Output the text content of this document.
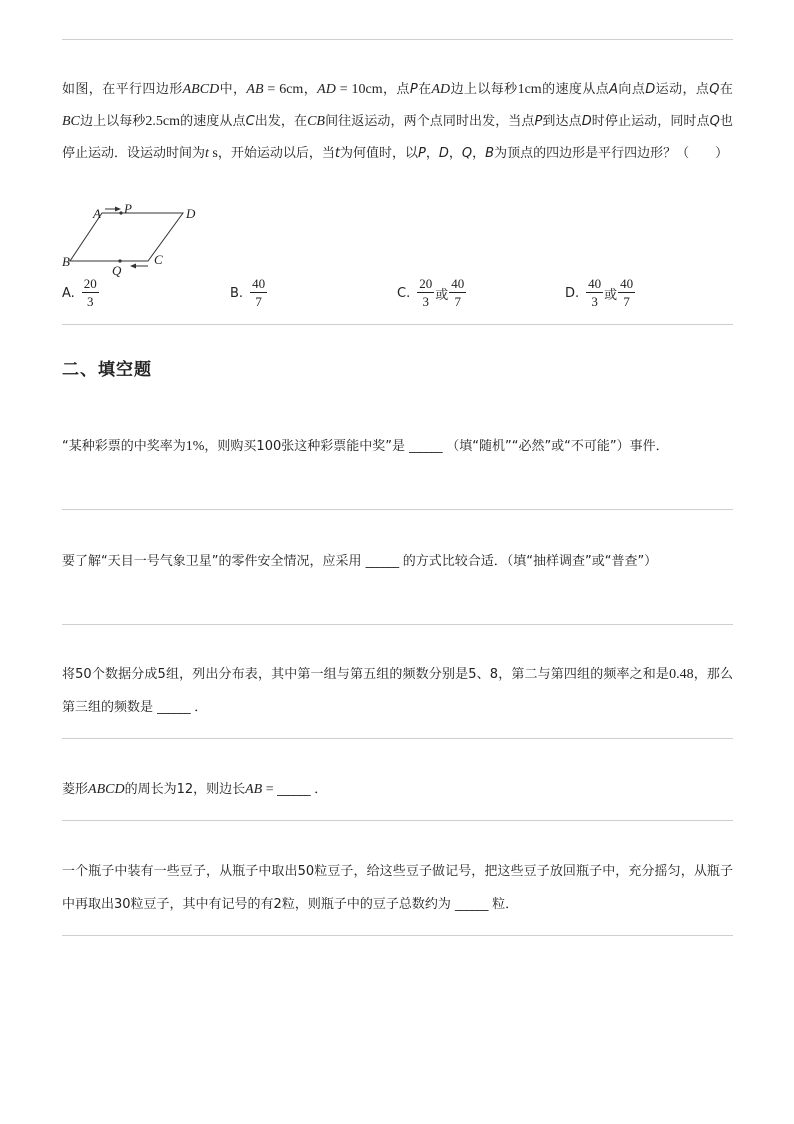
如图，在平行四边形ABCD中，AB = 6cm，AD = 10cm，点P在AD边上以每秒1cm的速度从点A向点D运动，点Q在BC边上以每秒2.5cm的速度从点C出发，在CB间往返运动，两个点同时出发，当点P到达点D时停止运动，同时点Q也停止运动．设运动时间为t s，开始运动以后，当t为何值时，以P，D，Q，B为顶点的四边形是平行四边形？（　　）
A P	D
B	C
Q
A. $\frac{20}{3}$	B. $\frac{40}{7}$	C. $\frac{20}{3}$ 或 $\frac{40}{7}$	D. $\frac{40}{3}$ 或 $\frac{40}{7}$
二、填空题
“某种彩票的中奖率为1%，则购买100张这种彩票能中奖”是 ______ （填“随机”“必然”或“不可能”）事件．
要了解“天目一号气象卫星”的零件安全情况，应采用 ______ 的方式比较合适．（填“抽样调查”或“普查”）
将50个数据分成5组，列出分布表，其中第一组与第五组的频数分别是5、8，第二与第四组的频率之和是0.48，那么第三组的频数是 ______ ．
菱形ABCD的周长为12，则边长AB = ______ ．
一个瓶子中装有一些豆子，从瓶子中取出50粒豆子，给这些豆子做记号，把这些豆子放回瓶子中，充分摇匀，从瓶子中再取出30粒豆子，其中有记号的有2粒，则瓶子中的豆子总数约为 ______ 粒．
